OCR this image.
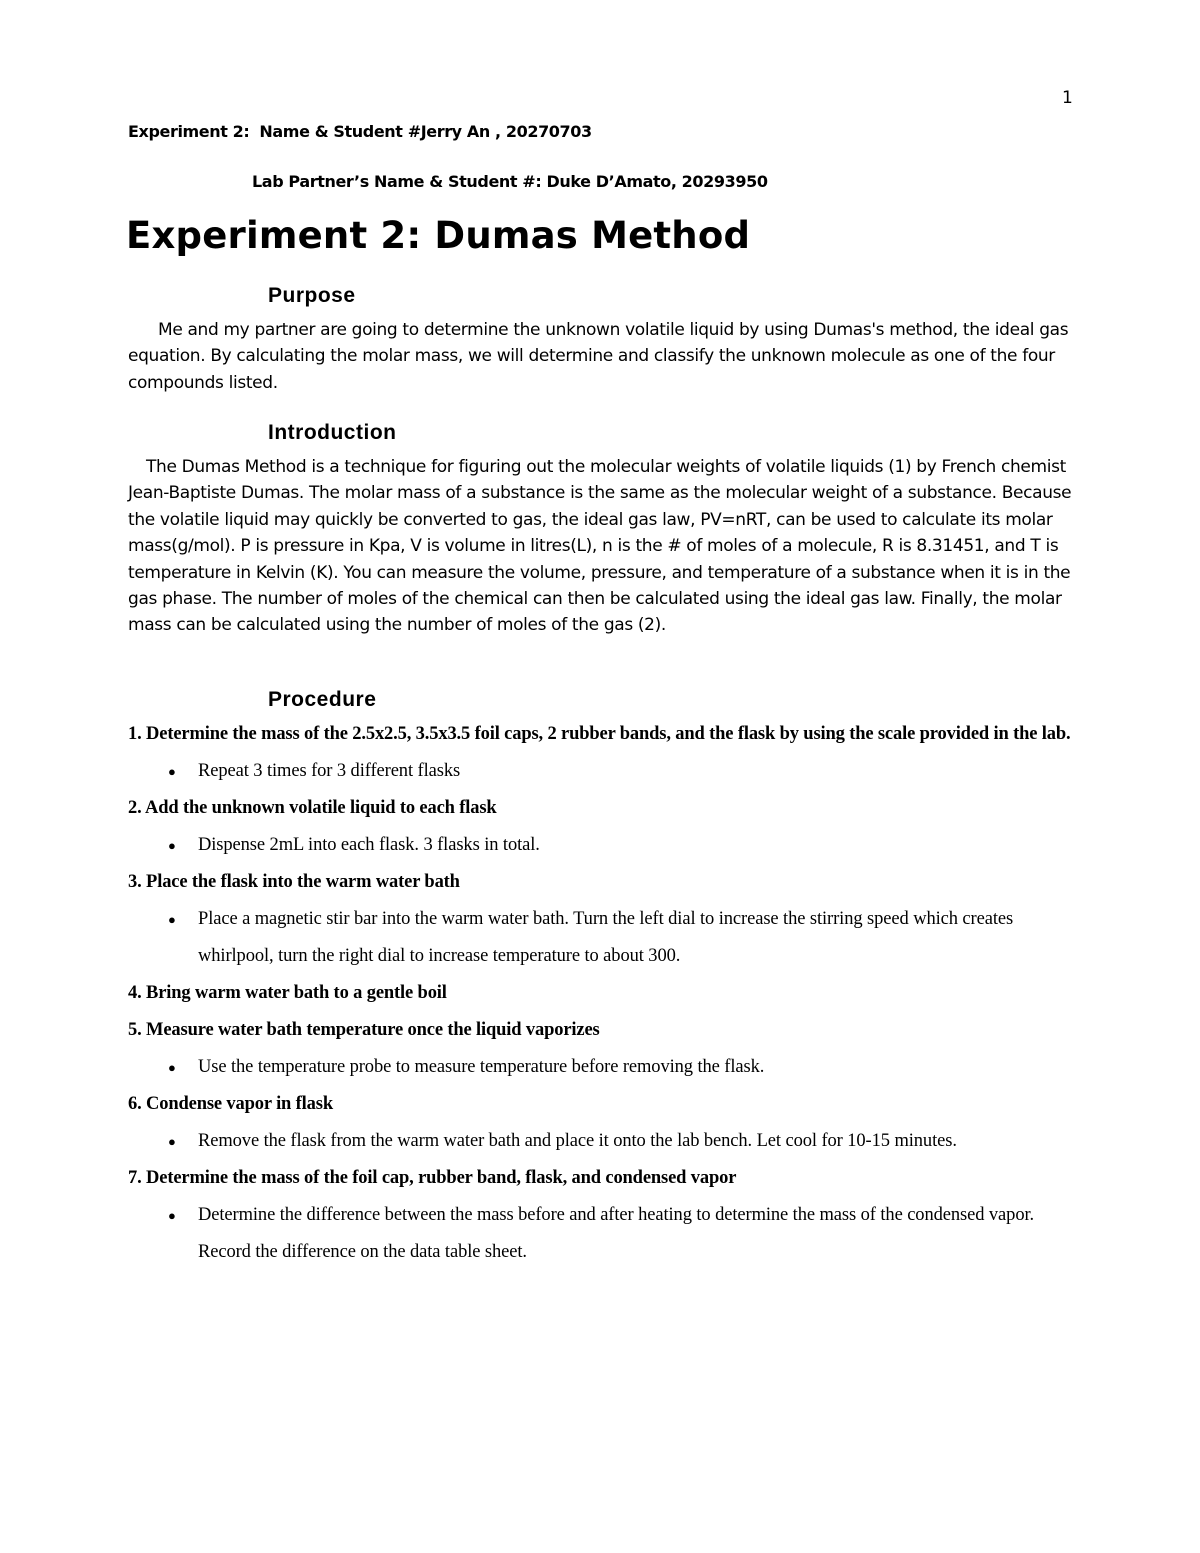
1
Experiment 2: Name & Student #Jerry An , 20270703
Lab Partner’s Name & Student #: Duke D’Amato, 20293950
Experiment 2: Dumas Method
Purpose

Me and my partner are going to determine the unknown volatile liquid by using Dumas's method, the ideal gas equation. By calculating the molar mass, we will determine and classify the unknown molecule as one of the four compounds listed.

Introduction

The Dumas Method is a technique for figuring out the molecular weights of volatile liquids (1) by French chemist Jean-Baptiste Dumas. The molar mass of a substance is the same as the molecular weight of a substance. Because the volatile liquid may quickly be converted to gas, the ideal gas law, PV=nRT, can be used to calculate its molar mass(g/mol). P is pressure in Kpa, V is volume in litres(L), n is the # of moles of a molecule, R is 8.31451, and T is temperature in Kelvin (K). You can measure the volume, pressure, and temperature of a substance when it is in the gas phase. The number of moles of the chemical can then be calculated using the ideal gas law. Finally, the molar mass can be calculated using the number of moles of the gas (2).

Procedure

1. Determine the mass of the 2.5x2.5, 3.5x3.5 foil caps, 2 rubber bands, and the flask by using the scale provided in the lab.

● Repeat 3 times for 3 different flasks

2. Add the unknown volatile liquid to each flask

● Dispense 2mL into each flask. 3 flasks in total.

3. Place the flask into the warm water bath

● Place a magnetic stir bar into the warm water bath. Turn the left dial to increase the stirring speed which creates whirlpool, turn the right dial to increase temperature to about 300.

4. Bring warm water bath to a gentle boil

5. Measure water bath temperature once the liquid vaporizes

● Use the temperature probe to measure temperature before removing the flask.

6. Condense vapor in flask

● Remove the flask from the warm water bath and place it onto the lab bench. Let cool for 10-15 minutes.

7. Determine the mass of the foil cap, rubber band, flask, and condensed vapor

● Determine the difference between the mass before and after heating to determine the mass of the condensed vapor. Record the difference on the data table sheet.
